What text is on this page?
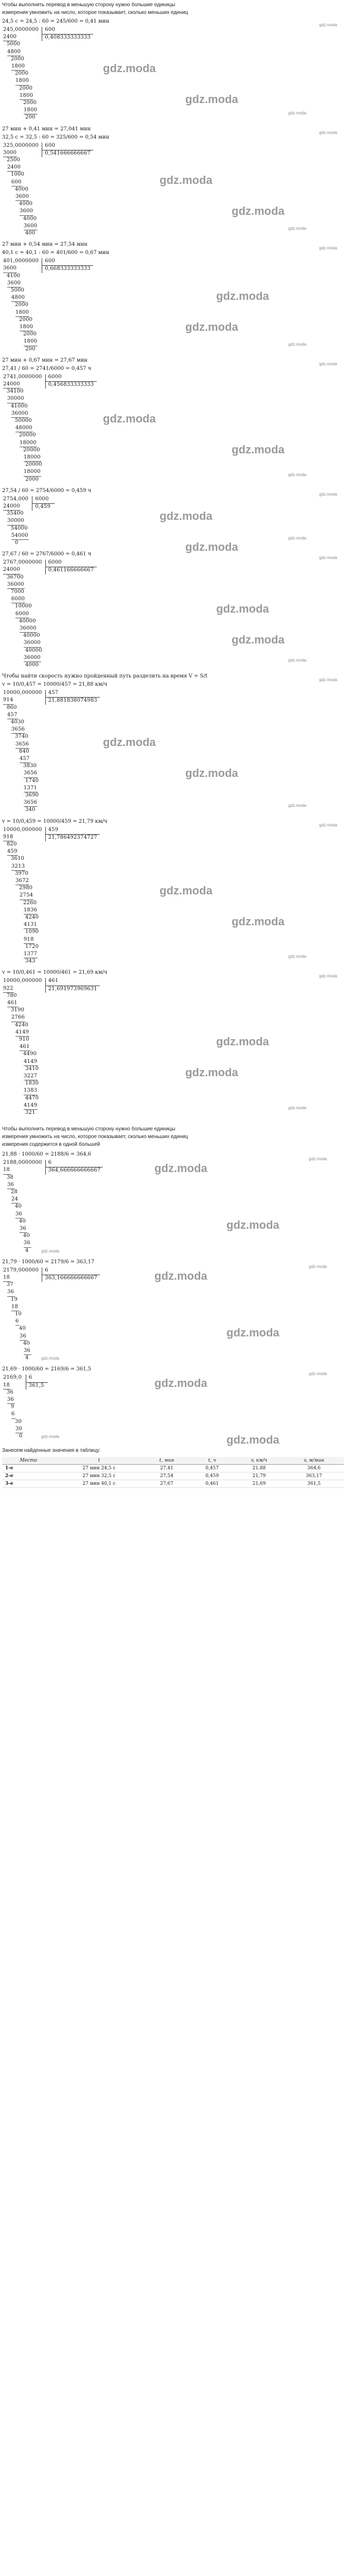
Чтобы выполнить перевод в меньшую сторону нужно большие единицы
измерения умножить на число, которое показывает, сколько меньших единиц
24,5 с = 24,5 : 60 = 245/600 = 0,41 мин
245,0000000 600
0,408333333333
2400
5000
4800
2000
1800
2000
1800
2000
1800
2000
1800
200
gdz.moda
gdz.moda
gdz.moda
gdz.moda
27 мин + 0,41 мин = 27,041 мин
32,5 с = 32,5 : 60 = 325/600 = 0,54 мин
325,0000000 600
0,541666666667
3000
2500
2400
1000
600
4000
3600
4000
3600
4000
3600
400
gdz.moda
gdz.moda
gdz.moda
gdz.moda
27 мин + 0,54 мин = 27,54 мин
40,1 с = 40,1 : 60 = 401/600 = 0,67 мин
401,0000000 600
0,668333333333
3600
4100
3600
5000
4800
2000
1800
2000
1800
2000
1800
200
gdz.moda
gdz.moda
gdz.moda
gdz.moda
27 мин + 0,67 мин = 27,67 мин
27,41 / 60 = 2741/6000 = 0,457 ч
2741,0000000 6000
0,456833333333
24000
34100
30000
41000
36000
50000
48000
20000
18000
20000
18000
20000
18000
2000
gdz.moda
gdz.moda
gdz.moda
gdz.moda
27,54 / 60 = 2754/6000 = 0,459 ч
2754,000 6000
0,459
24000
35400
30000
54000
54000
0
gdz.moda
gdz.moda
gdz.moda
gdz.moda
27,67 / 60 = 2767/6000 = 0,461 ч
2767,0000000 6000
0,461166666667
24000
36700
36000
7000
6000
10000
6000
40000
36000
40000
36000
40000
36000
4000
gdz.moda
gdz.moda
gdz.moda
gdz.moda
Чтобы найти скорость нужно пройденный путь разделить на время V = S/t
v = 10/0,457 = 10000/457 = 21,88 км/ч
10000,000000 457
21,881838074983
914
860
457
4030
3656
3740
3656
840
457
3830
3656
1740
1371
3690
3656
340
gdz.moda
gdz.moda
gdz.moda
gdz.moda
v = 10/0,459 = 10000/459 = 21,79 км/ч
10000,000000 459
21,786492374727
918
820
459
3610
3213
3970
3672
2980
2754
2260
1836
4240
4131
1090
918
1720
1377
343
gdz.moda
gdz.moda
gdz.moda
gdz.moda
v = 10/0,461 = 10000/461 = 21,69 км/ч
10000,000000 461
21,691973969631
922
780
461
3190
2766
4240
4149
910
461
4490
4149
3410
3227
1830
1383
4470
4149
321
gdz.moda
gdz.moda
gdz.moda
gdz.moda
Чтобы выполнить перевод в меньшую сторону нужно большие единицы
измерения умножить на число, которое показывает, сколько меньших единиц
измерения содержится в одной большей
21,88 · 1000/60 = 2188/6 = 364,6
2188,0000000 6
364,666666666667
18
38
36
28
24
40
36
40
36
40
36
4
gdz.moda
gdz.moda
gdz.moda
gdz.moda
21,79 · 1000/60 = 2179/6 = 363,17
2179,000000 6
363,166666666667
18
37
36
19
18
10
6
40
36
40
36
4
gdz.moda
gdz.moda
gdz.moda
gdz.moda
21,69 · 1000/60 = 2169/6 = 361,5
2169,0 6
361,5
18
36
36
9
6
30
30
0
gdz.moda
gdz.moda
gdz.moda
gdz.moda
Занесем найденные значения в таблицу:
Место	t	t, мин	t, ч	v, км/ч	v, м/мин
1-е	27 мин 24,5 с	27,41	0,457	21,88	364,6
2-е	27 мин 32,5 с	27,54	0,459	21,79	363,17
3-е	27 мин 40,1 с	27,67	0,461	21,69	361,5
